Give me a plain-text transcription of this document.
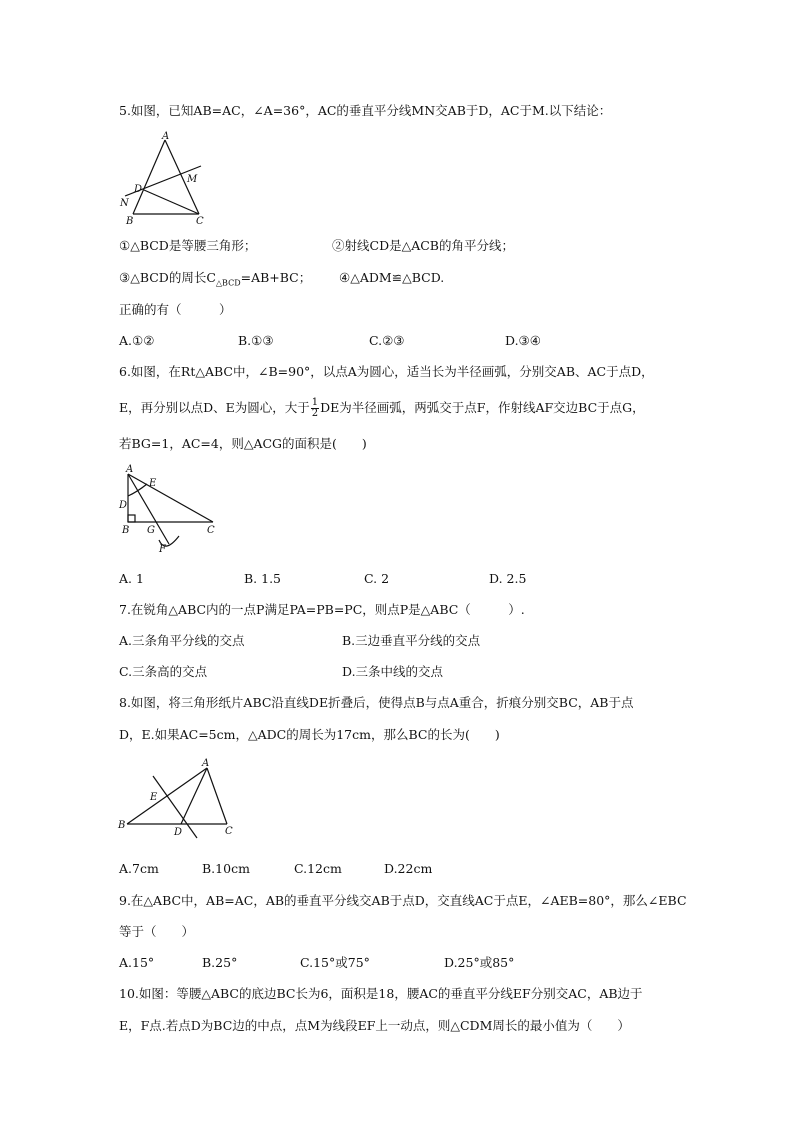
5.如图，已知AB=AC，∠A=36°，AC的垂直平分线MN交AB于D，AC于M.以下结论：
A
M
D
N
B	C
①△BCD是等腰三角形；	②射线CD是△ACB的角平分线；
③△BCD的周长$C_{\triangle BCD}=AB+BC$； ④△ADM≌△BCD.
正确的有（　　　）
A.①②	B.①③	C.②③	D.③④
6.如图，在Rt△ABC中，∠B=90°，以点A为圆心，适当长为半径画弧，分别交AB、AC于点D，
E，再分别以点D、E为圆心，大于 $\frac{1}{2}$ DE为半径画弧，两弧交于点F，作射线AF交边BC于点G，
若BG=1，AC=4，则△ACG的面积是(　　)
A
E
D
B G	C
F
A. 1	B. 1.5	C. 2	D. 2.5
7.在锐角△ABC内的一点P满足PA=PB=PC，则点P是△ABC（　　　）.
A.三条角平分线的交点	B.三边垂直平分线的交点
C.三条高的交点	D.三条中线的交点
8.如图，将三角形纸片ABC沿直线DE折叠后，使得点B与点A重合，折痕分别交BC，AB于点
D，E.如果AC=5cm，△ADC的周长为17cm，那么BC的长为(　　)
A
E
B
D	C
A.7cm	B.10cm	C.12cm	D.22cm
9.在△ABC中，AB=AC，AB的垂直平分线交AB于点D，交直线AC于点E，∠AEB=80°，那么∠EBC
等于（　　）
A.15°	B.25°	C.15°或75°	D.25°或85°
10.如图：等腰△ABC的底边BC长为6，面积是18，腰AC的垂直平分线EF分别交AC，AB边于
E，F点.若点D为BC边的中点，点M为线段EF上一动点，则△CDM周长的最小值为（　　）
